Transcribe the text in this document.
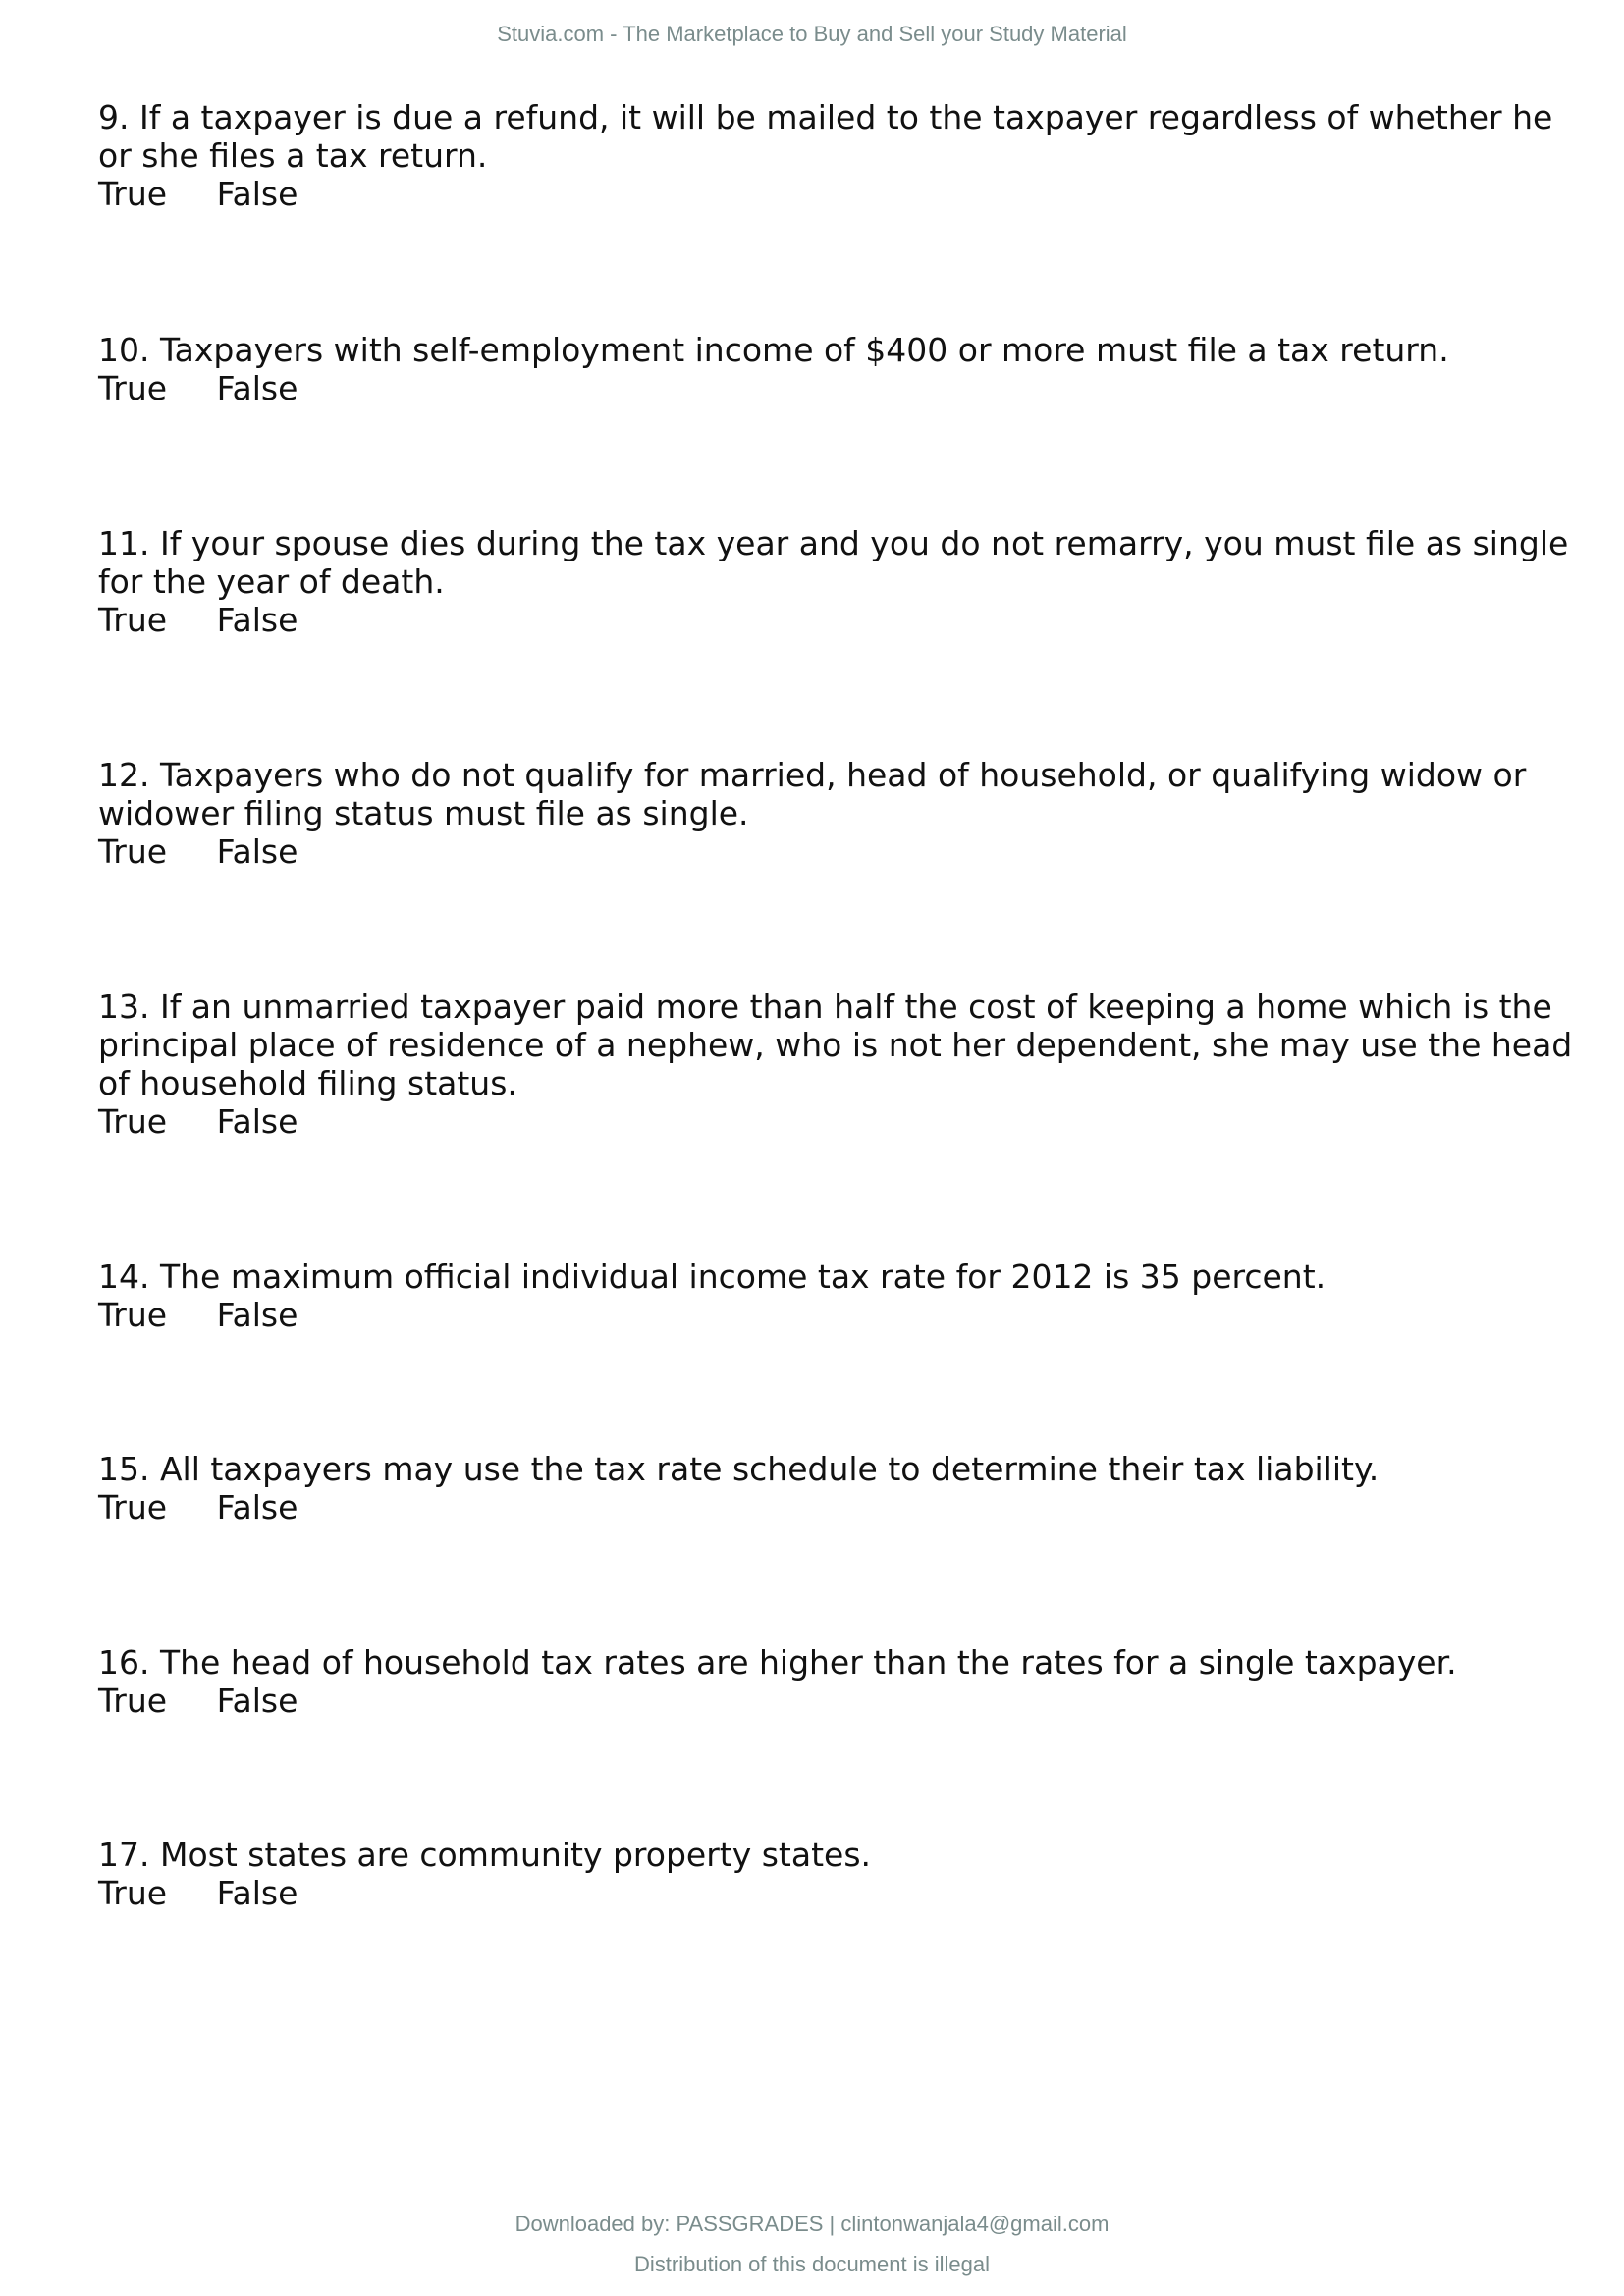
Stuvia.com - The Marketplace to Buy and Sell your Study Material
9. If a taxpayer is due a refund, it will be mailed to the taxpayer regardless of whether he or she files a tax return.
True False
10. Taxpayers with self-employment income of $400 or more must file a tax return.
True False
11. If your spouse dies during the tax year and you do not remarry, you must file as single for the year of death.
True False
12. Taxpayers who do not qualify for married, head of household, or qualifying widow or widower filing status must file as single.
True False
13. If an unmarried taxpayer paid more than half the cost of keeping a home which is the principal place of residence of a nephew, who is not her dependent, she may use the head of household filing status.
True False
14. The maximum official individual income tax rate for 2012 is 35 percent.
True False
15. All taxpayers may use the tax rate schedule to determine their tax liability.
True False
16. The head of household tax rates are higher than the rates for a single taxpayer.
True False
17. Most states are community property states.
True False
Downloaded by: PASSGRADES | clintonwanjala4@gmail.com
Distribution of this document is illegal
